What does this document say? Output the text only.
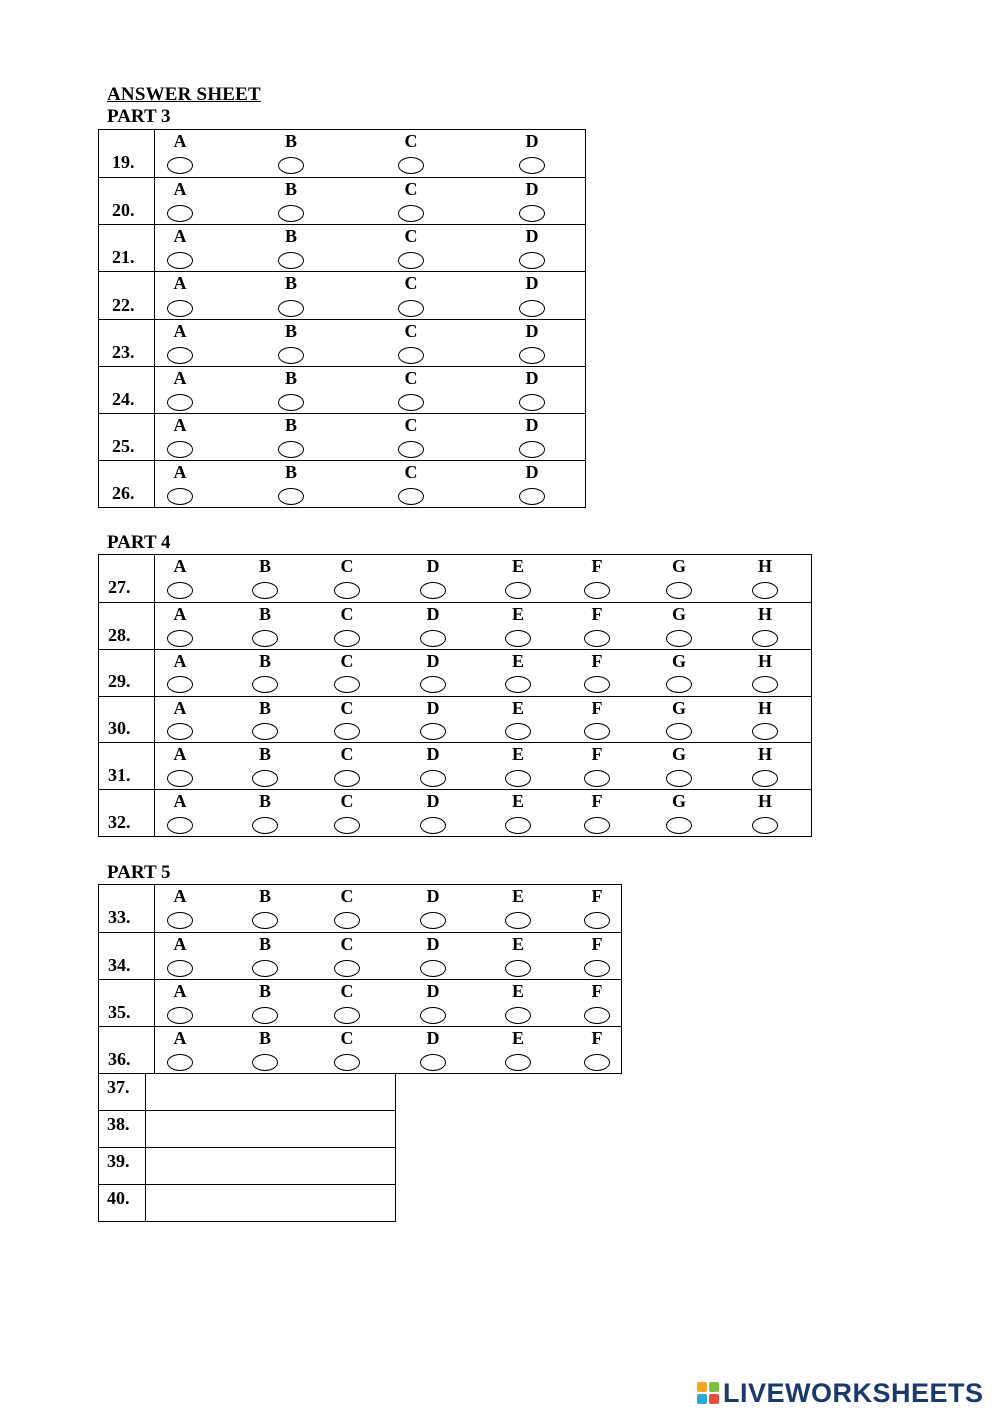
ANSWER SHEET
PART 3
19.
A	B	C	D
20.
A	B	C	D
21.
A	B	C	D
22.
A	B	C	D
23.
A	B	C	D
24.
A	B	C	D
25.
A	B	C	D
26.
A	B	C	D
PART 4
27.
A	B	C	D	E	F	G	H
28.
A	B	C	D	E	F	G	H
29.
A	B	C	D	E	F	G	H
30.
A	B	C	D	E	F	G	H
31.
A	B	C	D	E	F	G	H
32.
A	B	C	D	E	F	G	H
PART 5
33.
A	B	C	D	E	F
34.
A	B	C	D	E	F
35.
A	B	C	D	E	F
36.
A	B	C	D	E	F
37.	
38.	
39.	
40.	
LIVEWORKSHEETS
